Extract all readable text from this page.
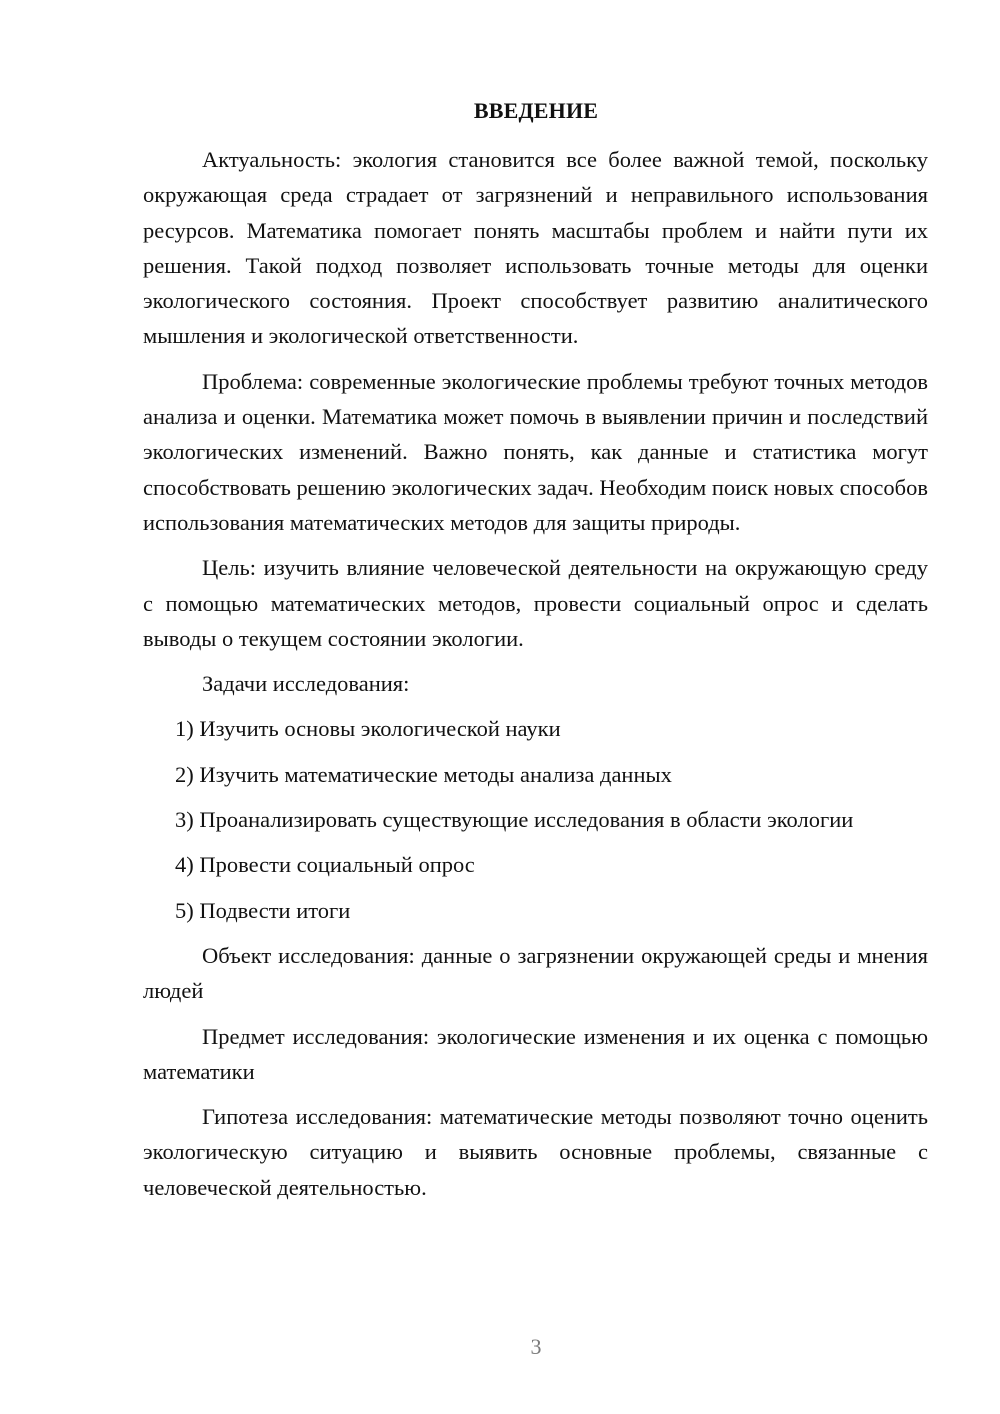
ВВЕДЕНИЕ

Актуальность: экология становится все более важной темой, поскольку окружающая среда страдает от загрязнений и неправильного использования ресурсов. Математика помогает понять масштабы проблем и найти пути их решения. Такой подход позволяет использовать точные методы для оценки экологического состояния. Проект способствует развитию аналитического мышления и экологической ответственности.

Проблема: современные экологические проблемы требуют точных методов анализа и оценки. Математика может помочь в выявлении причин и последствий экологических изменений. Важно понять, как данные и статистика могут способствовать решению экологических задач. Необходим поиск новых способов использования математических методов для защиты природы.

Цель: изучить влияние человеческой деятельности на окружающую среду с помощью математических методов, провести социальный опрос и сделать выводы о текущем состоянии экологии.

Задачи исследования:

1) Изучить основы экологической науки
2) Изучить математические методы анализа данных
3) Проанализировать существующие исследования в области экологии
4) Провести социальный опрос
5) Подвести итоги

Объект исследования: данные о загрязнении окружающей среды и мнения людей

Предмет исследования: экологические изменения и их оценка с помощью математики

Гипотеза исследования: математические методы позволяют точно оценить экологическую ситуацию и выявить основные проблемы, связанные с человеческой деятельностью.

3
